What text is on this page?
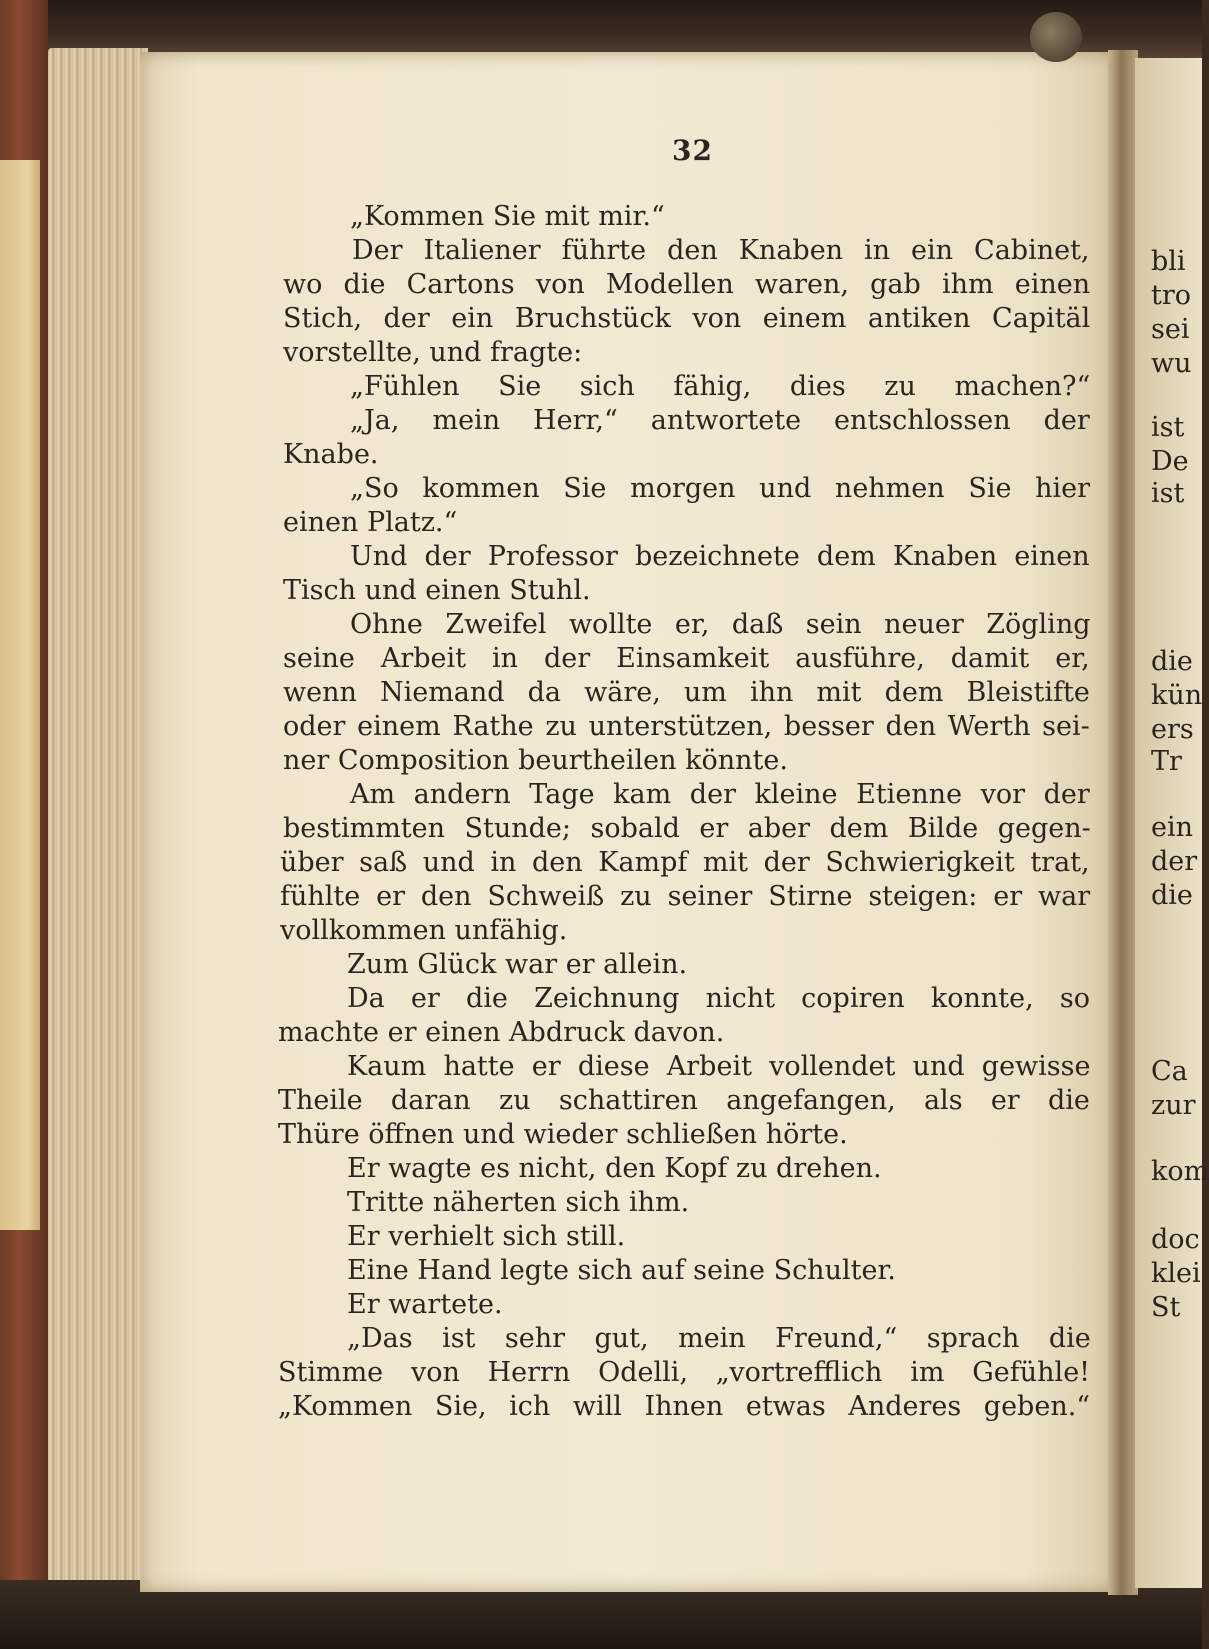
bli
tro
sei
wu
ist
De
ist
die
kün
ers
Tr
ein
der
die
Ca
zur
kom
doc
klei
St
32
„Kommen Sie mit mir.“
Der Italiener führte den Knaben in ein Cabinet,
wo die Cartons von Modellen waren, gab ihm einen
Stich, der ein Bruchstück von einem antiken Capitäl
vorstellte, und fragte:
„Fühlen Sie sich fähig, dies zu machen?“
„Ja, mein Herr,“ antwortete entschlossen der
Knabe.
„So kommen Sie morgen und nehmen Sie hier
einen Platz.“
Und der Professor bezeichnete dem Knaben einen
Tisch und einen Stuhl.
Ohne Zweifel wollte er, daß sein neuer Zögling
seine Arbeit in der Einsamkeit ausführe, damit er,
wenn Niemand da wäre, um ihn mit dem Bleistifte
oder einem Rathe zu unterstützen, besser den Werth sei-
ner Composition beurtheilen könnte.
Am andern Tage kam der kleine Etienne vor der
bestimmten Stunde; sobald er aber dem Bilde gegen-
über saß und in den Kampf mit der Schwierigkeit trat,
fühlte er den Schweiß zu seiner Stirne steigen: er war
vollkommen unfähig.
Zum Glück war er allein.
Da er die Zeichnung nicht copiren konnte, so
machte er einen Abdruck davon.
Kaum hatte er diese Arbeit vollendet und gewisse
Theile daran zu schattiren angefangen, als er die
Thüre öffnen und wieder schließen hörte.
Er wagte es nicht, den Kopf zu drehen.
Tritte näherten sich ihm.
Er verhielt sich still.
Eine Hand legte sich auf seine Schulter.
Er wartete.
„Das ist sehr gut, mein Freund,“ sprach die
Stimme von Herrn Odelli, „vortrefflich im Gefühle!
„Kommen Sie, ich will Ihnen etwas Anderes geben.“
